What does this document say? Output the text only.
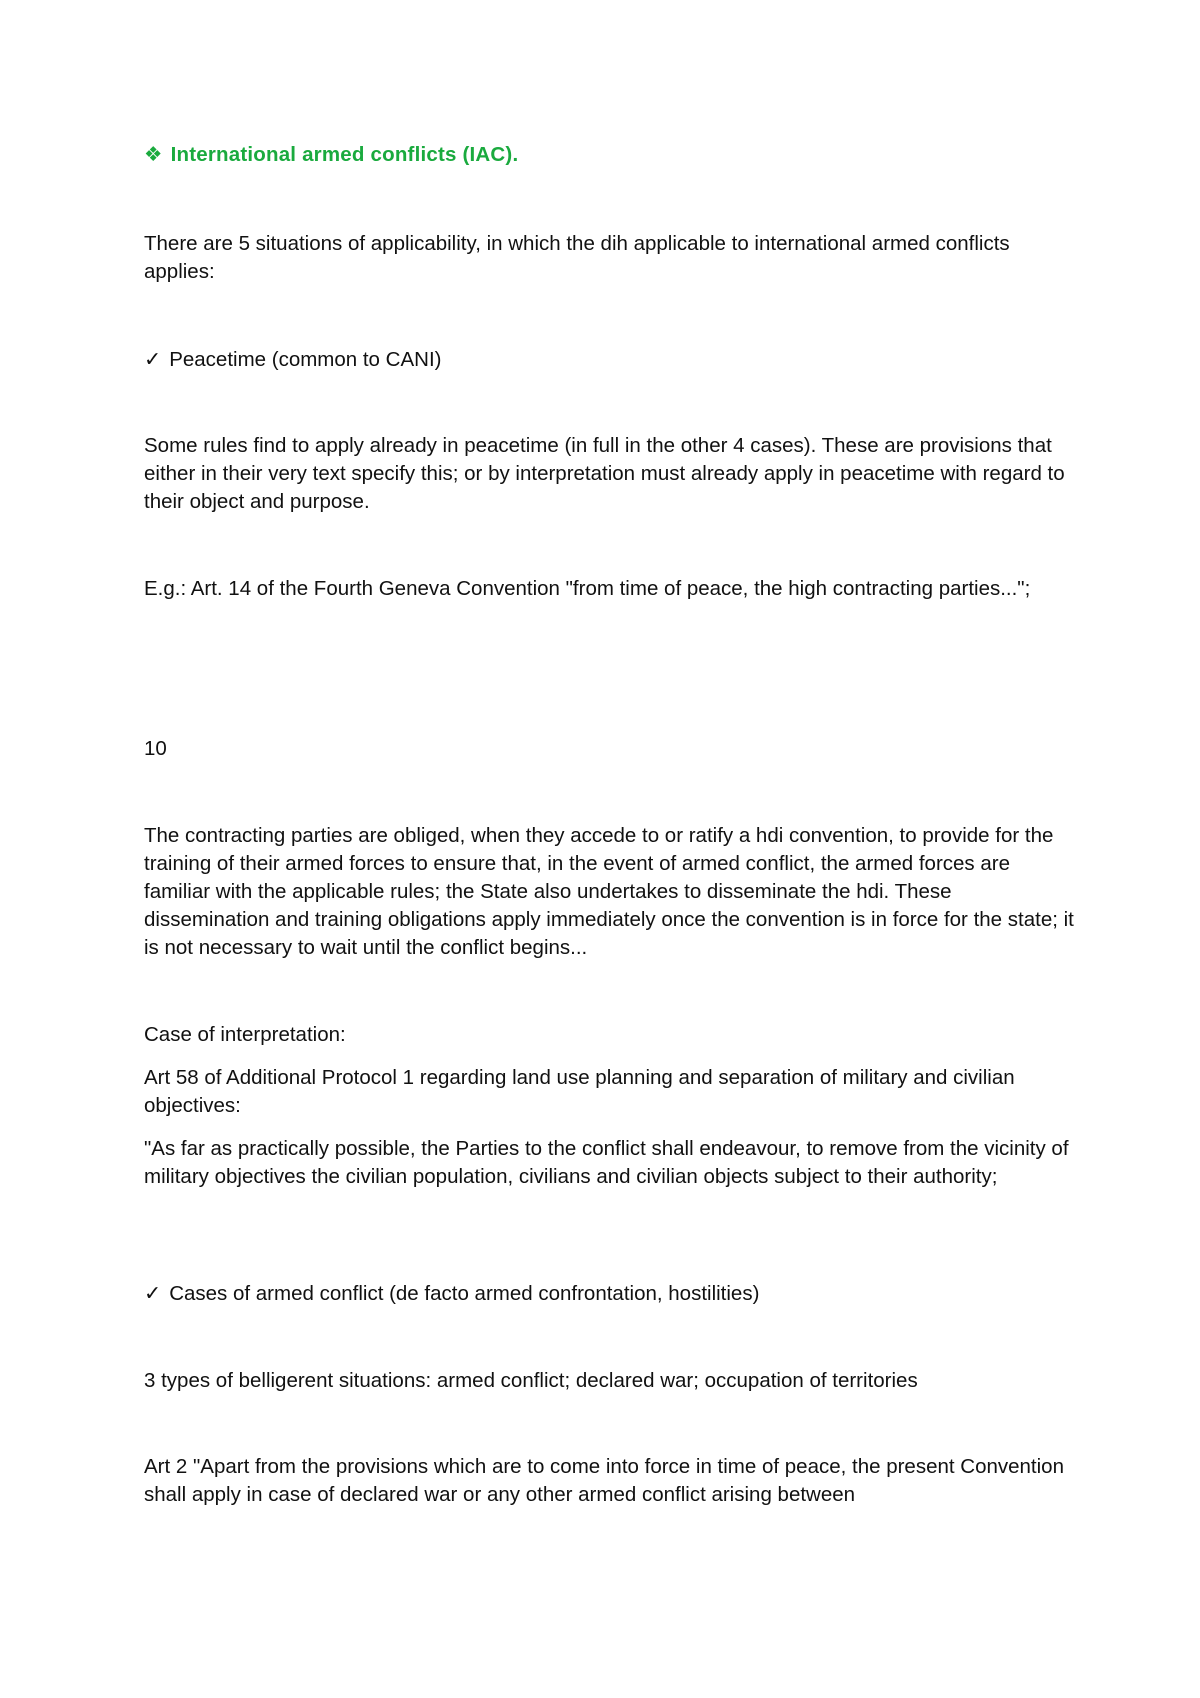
❖ International armed conflicts (IAC).

There are 5 situations of applicability, in which the dih applicable to international armed conflicts applies:

✓ Peacetime (common to CANI)

Some rules find to apply already in peacetime (in full in the other 4 cases). These are provisions that either in their very text specify this; or by interpretation must already apply in peacetime with regard to their object and purpose.

E.g.: Art. 14 of the Fourth Geneva Convention "from time of peace, the high contracting parties...";

10

The contracting parties are obliged, when they accede to or ratify a hdi convention, to provide for the training of their armed forces to ensure that, in the event of armed conflict, the armed forces are familiar with the applicable rules; the State also undertakes to disseminate the hdi. These dissemination and training obligations apply immediately once the convention is in force for the state; it is not necessary to wait until the conflict begins...

Case of interpretation:

Art 58 of Additional Protocol 1 regarding land use planning and separation of military and civilian objectives:

"As far as practically possible, the Parties to the conflict shall endeavour, to remove from the vicinity of military objectives the civilian population, civilians and civilian objects subject to their authority;

✓ Cases of armed conflict (de facto armed confrontation, hostilities)

3 types of belligerent situations: armed conflict; declared war; occupation of territories

Art 2 "Apart from the provisions which are to come into force in time of peace, the present Convention shall apply in case of declared war or any other armed conflict arising between
